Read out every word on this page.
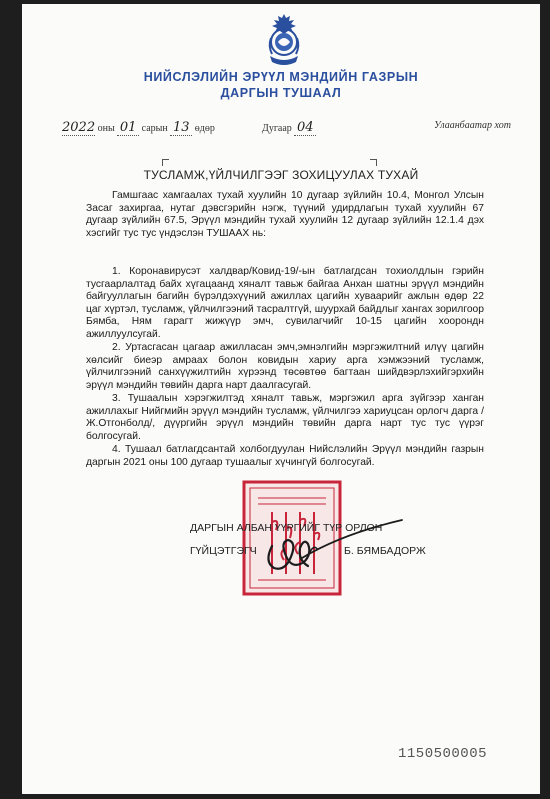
НИЙСЛЭЛИЙН ЭРҮҮЛ МЭНДИЙН ГАЗРЫН
ДАРГЫН ТУШААЛ
2022 оны 01 сарын 13 өдөр	Дугаар 04	Улаанбаатар хот
ТУСЛАМЖ,ҮЙЛЧИЛГЭЭГ ЗОХИЦУУЛАХ ТУХАЙ

Гамшгаас хамгаалах тухай хуулийн 10 дугаар зүйлийн 10.4, Монгол Улсын Засаг захиргаа, нутаг дэвсгэрийн нэгж, түүний удирдлагын тухай хуулийн 67 дугаар зүйлийн 67.5, Эрүүл мэндийн тухай хуулийн 12 дугаар зүйлийн 12.1.4 дэх хэсгийг тус тус үндэслэн ТУШААХ нь:

1. Коронавирусэт халдвар/Ковид-19/-ын батлагдсан тохиолдлын гэрийн тусгаарлалтад байх хүгацаанд хяналт тавьж байгаа Анхан шатны эрүүл мэндийн байгууллагын багийн бүрэлдэхүүний ажиллах цагийн хуваарийг ажлын өдөр 22 цаг хүртэл, тусламж, үйлчилгээний тасралтгүй, шуурхай байдлыг хангах зорилгоор Бямба, Ням гарагт жижүүр эмч, сувилагчийг 10-15 цагийн хоорондн ажиллуулсугай.

2. Уртасгасан цагаар ажилласан эмч,эмнэлгийн мэргэжилтний илүү цагийн хөлсийг биеэр амраах болон ковидын хариу арга хэмжээний тусламж, үйлчилгээний санхүүжилтийн хүрээнд төсөвтөө багтаан шийдвэрлэхийгэрхийн эрүүл мэндийн төвийн дарга нарт даалгасугай.

3. Тушаалын хэрэгжилтэд хяналт тавьж, мэргэжил арга зүйгээр ханган ажиллахыг Нийгмийн эрүүл мэндийн тусламж, үйлчилгээ хариуцсан орлогч дарга /Ж.Отгонболд/, дүүргийн эрүүл мэндийн төвийн дарга нарт тус тус үүрэг болгосугай.

4. Тушаал батлагдсантай холбогдуулан Нийслэлийн Эрүүл мэндийн газрын даргын 2021 оны 100 дугаар тушаалыг хүчингүй болгосугай.

ДАРГЫН АЛБАН ҮҮРГИЙГ ТҮР ОРЛОН
ГҮЙЦЭТГЭГЧ	Б. БЯМБАДОРЖ
1150500005
